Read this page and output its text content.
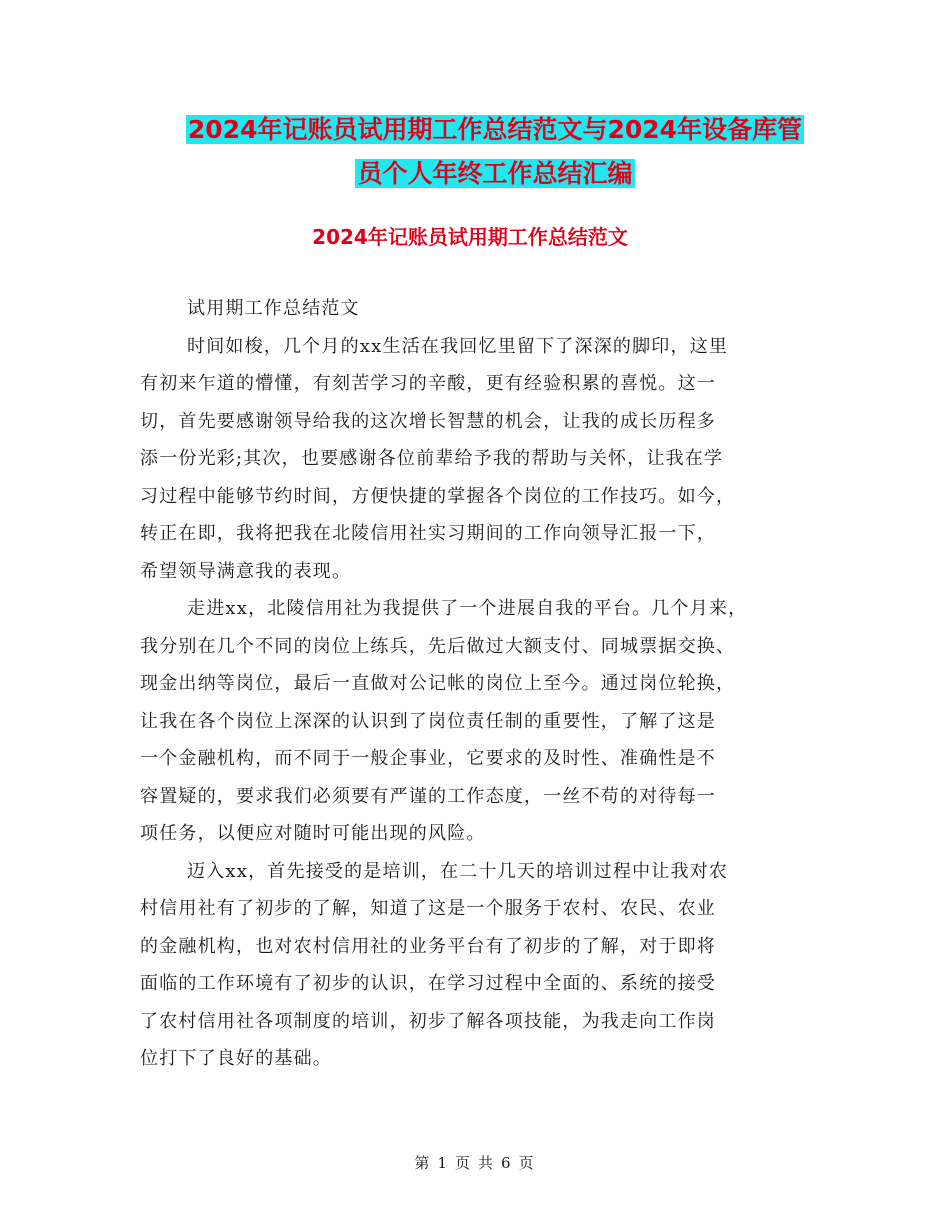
2024年记账员试用期工作总结范文与2024年设备库管
员个人年终工作总结汇编
2024年记账员试用期工作总结范文
试用期工作总结范文
时间如梭，几个月的xx生活在我回忆里留下了深深的脚印，这里
有初来乍道的懵懂，有刻苦学习的辛酸，更有经验积累的喜悦。这一
切，首先要感谢领导给我的这次增长智慧的机会，让我的成长历程多
添一份光彩;其次，也要感谢各位前辈给予我的帮助与关怀，让我在学
习过程中能够节约时间，方便快捷的掌握各个岗位的工作技巧。如今，
转正在即，我将把我在北陵信用社实习期间的工作向领导汇报一下，
希望领导满意我的表现。
走进xx，北陵信用社为我提供了一个进展自我的平台。几个月来，
我分别在几个不同的岗位上练兵，先后做过大额支付、同城票据交换、
现金出纳等岗位，最后一直做对公记帐的岗位上至今。通过岗位轮换，
让我在各个岗位上深深的认识到了岗位责任制的重要性，了解了这是
一个金融机构，而不同于一般企事业，它要求的及时性、准确性是不
容置疑的，要求我们必须要有严谨的工作态度，一丝不苟的对待每一
项任务，以便应对随时可能出现的风险。
迈入xx，首先接受的是培训，在二十几天的培训过程中让我对农
村信用社有了初步的了解，知道了这是一个服务于农村、农民、农业
的金融机构，也对农村信用社的业务平台有了初步的了解，对于即将
面临的工作环境有了初步的认识，在学习过程中全面的、系统的接受
了农村信用社各项制度的培训，初步了解各项技能，为我走向工作岗
位打下了良好的基础。
第 1 页 共 6 页
